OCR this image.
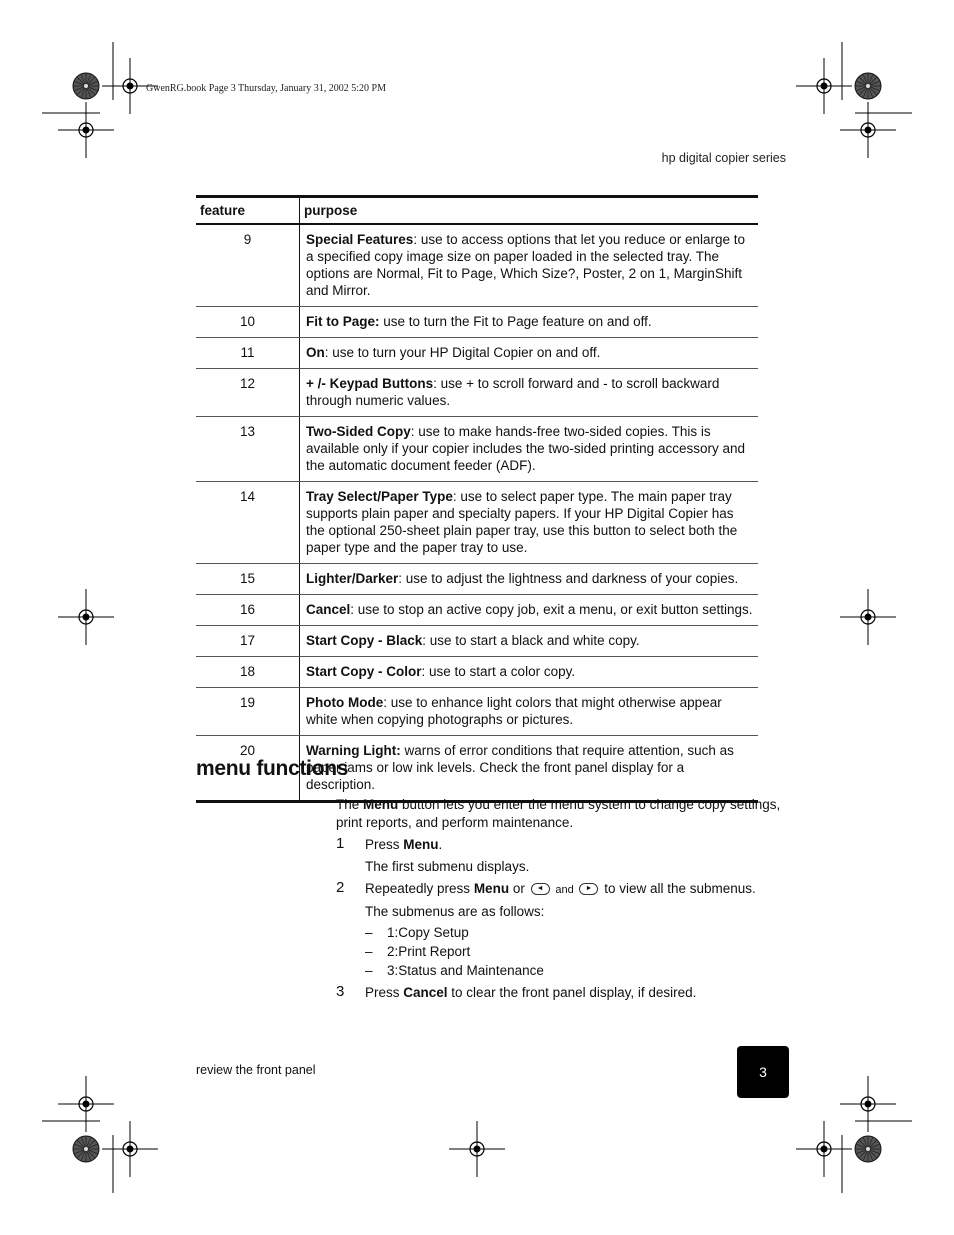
GwenRG.book Page 3 Thursday, January 31, 2002 5:20 PM
hp digital copier series
feature	purpose
9	Special Features: use to access options that let you reduce or enlarge to a specified copy image size on paper loaded in the selected tray. The options are Normal, Fit to Page, Which Size?, Poster, 2 on 1, MarginShift and Mirror.
10	Fit to Page: use to turn the Fit to Page feature on and off.
11	On: use to turn your HP Digital Copier on and off.
12	+ /- Keypad Buttons: use + to scroll forward and - to scroll backward through numeric values.
13	Two-Sided Copy: use to make hands-free two-sided copies. This is available only if your copier includes the two-sided printing accessory and the automatic document feeder (ADF).
14	Tray Select/Paper Type: use to select paper type. The main paper tray supports plain paper and specialty papers. If your HP Digital Copier has the optional 250-sheet plain paper tray, use this button to select both the paper type and the paper tray to use.
15	Lighter/Darker: use to adjust the lightness and darkness of your copies.
16	Cancel: use to stop an active copy job, exit a menu, or exit button settings.
17	Start Copy - Black: use to start a black and white copy.
18	Start Copy - Color: use to start a color copy.
19	Photo Mode: use to enhance light colors that might otherwise appear white when copying photographs or pictures.
20	Warning Light: warns of error conditions that require attention, such as paper jams or low ink levels. Check the front panel display for a description.
menu functions

The Menu button lets you enter the menu system to change copy settings, print reports, and perform maintenance.

1 Press Menu.
The first submenu displays.
2 Repeatedly press Menu or ◄ and ► to view all the submenus.
The submenus are as follows:
– 1:Copy Setup
– 2:Print Report
– 3:Status and Maintenance
3 Press Cancel to clear the front panel display, if desired.
review the front panel	3
